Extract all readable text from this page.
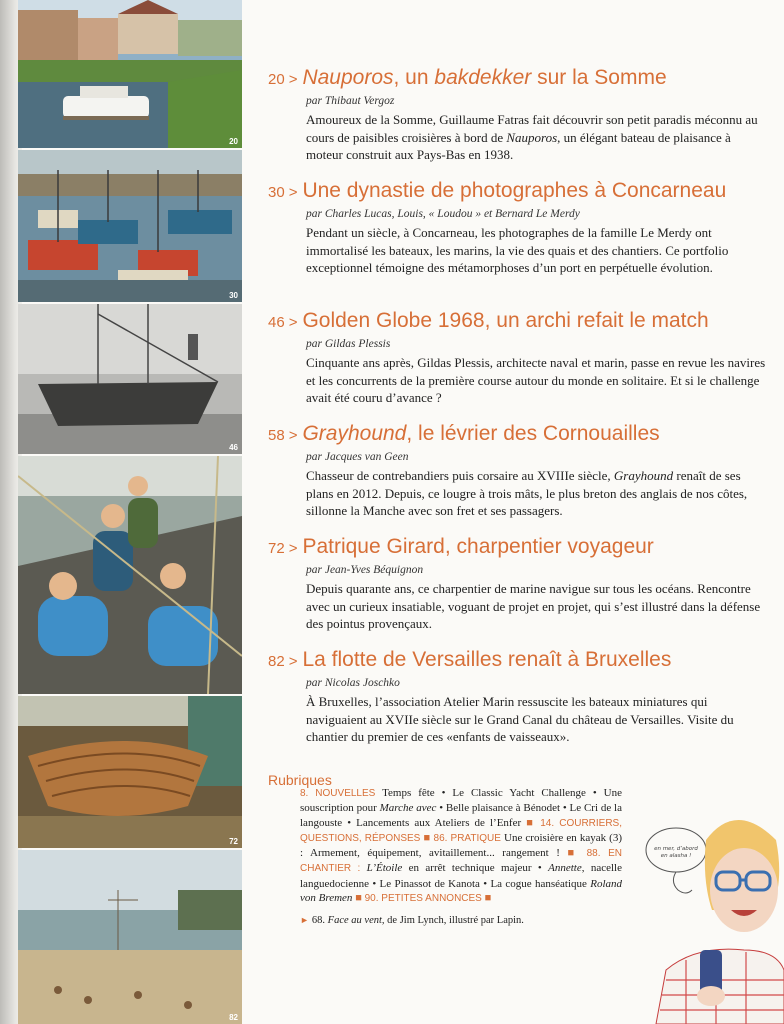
20
30
46
72
82
20 > Nauporos, un bakdekker sur la Somme
par Thibaut Vergoz
Amoureux de la Somme, Guillaume Fatras fait découvrir son petit paradis méconnu au cours de paisibles croisières à bord de Nauporos, un élégant bateau de plaisance à moteur construit aux Pays-Bas en 1938.
30 > Une dynastie de photographes à Concarneau
par Charles Lucas, Louis, « Loudou » et Bernard Le Merdy
Pendant un siècle, à Concarneau, les photographes de la famille Le Merdy ont immortalisé les bateaux, les marins, la vie des quais et des chantiers. Ce portfolio exceptionnel témoigne des métamorphoses d’un port en perpétuelle évolution.
46 > Golden Globe 1968, un archi refait le match
par Gildas Plessis
Cinquante ans après, Gildas Plessis, architecte naval et marin, passe en revue les navires et les concurrents de la première course autour du monde en solitaire. Et si le challenge avait été couru d’avance ?
58 > Grayhound, le lévrier des Cornouailles
par Jacques van Geen
Chasseur de contrebandiers puis corsaire au XVIIIe siècle, Grayhound renaît de ses plans en 2012. Depuis, ce lougre à trois mâts, le plus breton des anglais de nos côtes, sillonne la Manche avec son fret et ses passagers.
72 > Patrique Girard, charpentier voyageur
par Jean-Yves Béquignon
Depuis quarante ans, ce charpentier de marine navigue sur tous les océans. Rencontre avec un curieux insatiable, voguant de projet en projet, qui s’est illustré dans la défense des pointus provençaux.
82 > La flotte de Versailles renaît à Bruxelles
par Nicolas Joschko
À Bruxelles, l’association Atelier Marin ressuscite les bateaux miniatures qui naviguaient au XVIIe siècle sur le Grand Canal du château de Versailles. Visite du chantier du premier de ces «enfants de vaisseaux».
Rubriques
8. NOUVELLES Temps fête • Le Classic Yacht Challenge • Une souscription pour Marche avec • Belle plaisance à Bénodet • Le Cri de la langouste • Lancements aux Ateliers de l’Enfer ■ 14. COURRIERS, QUESTIONS, RÉPONSES ■ 86. PRATIQUE Une croisière en kayak (3) : Armement, équipement, avitaillement... rangement ! ■ 88. EN CHANTIER : L’Étoile en arrêt technique majeur • Annette, nacelle languedocienne • Le Pinassot de Kanota • La cogue hanséatique Roland von Bremen ■ 90. PETITES ANNONCES ■
► 68. Face au vent, de Jim Lynch, illustré par Lapin.
en mer, d’abord en alasha !
